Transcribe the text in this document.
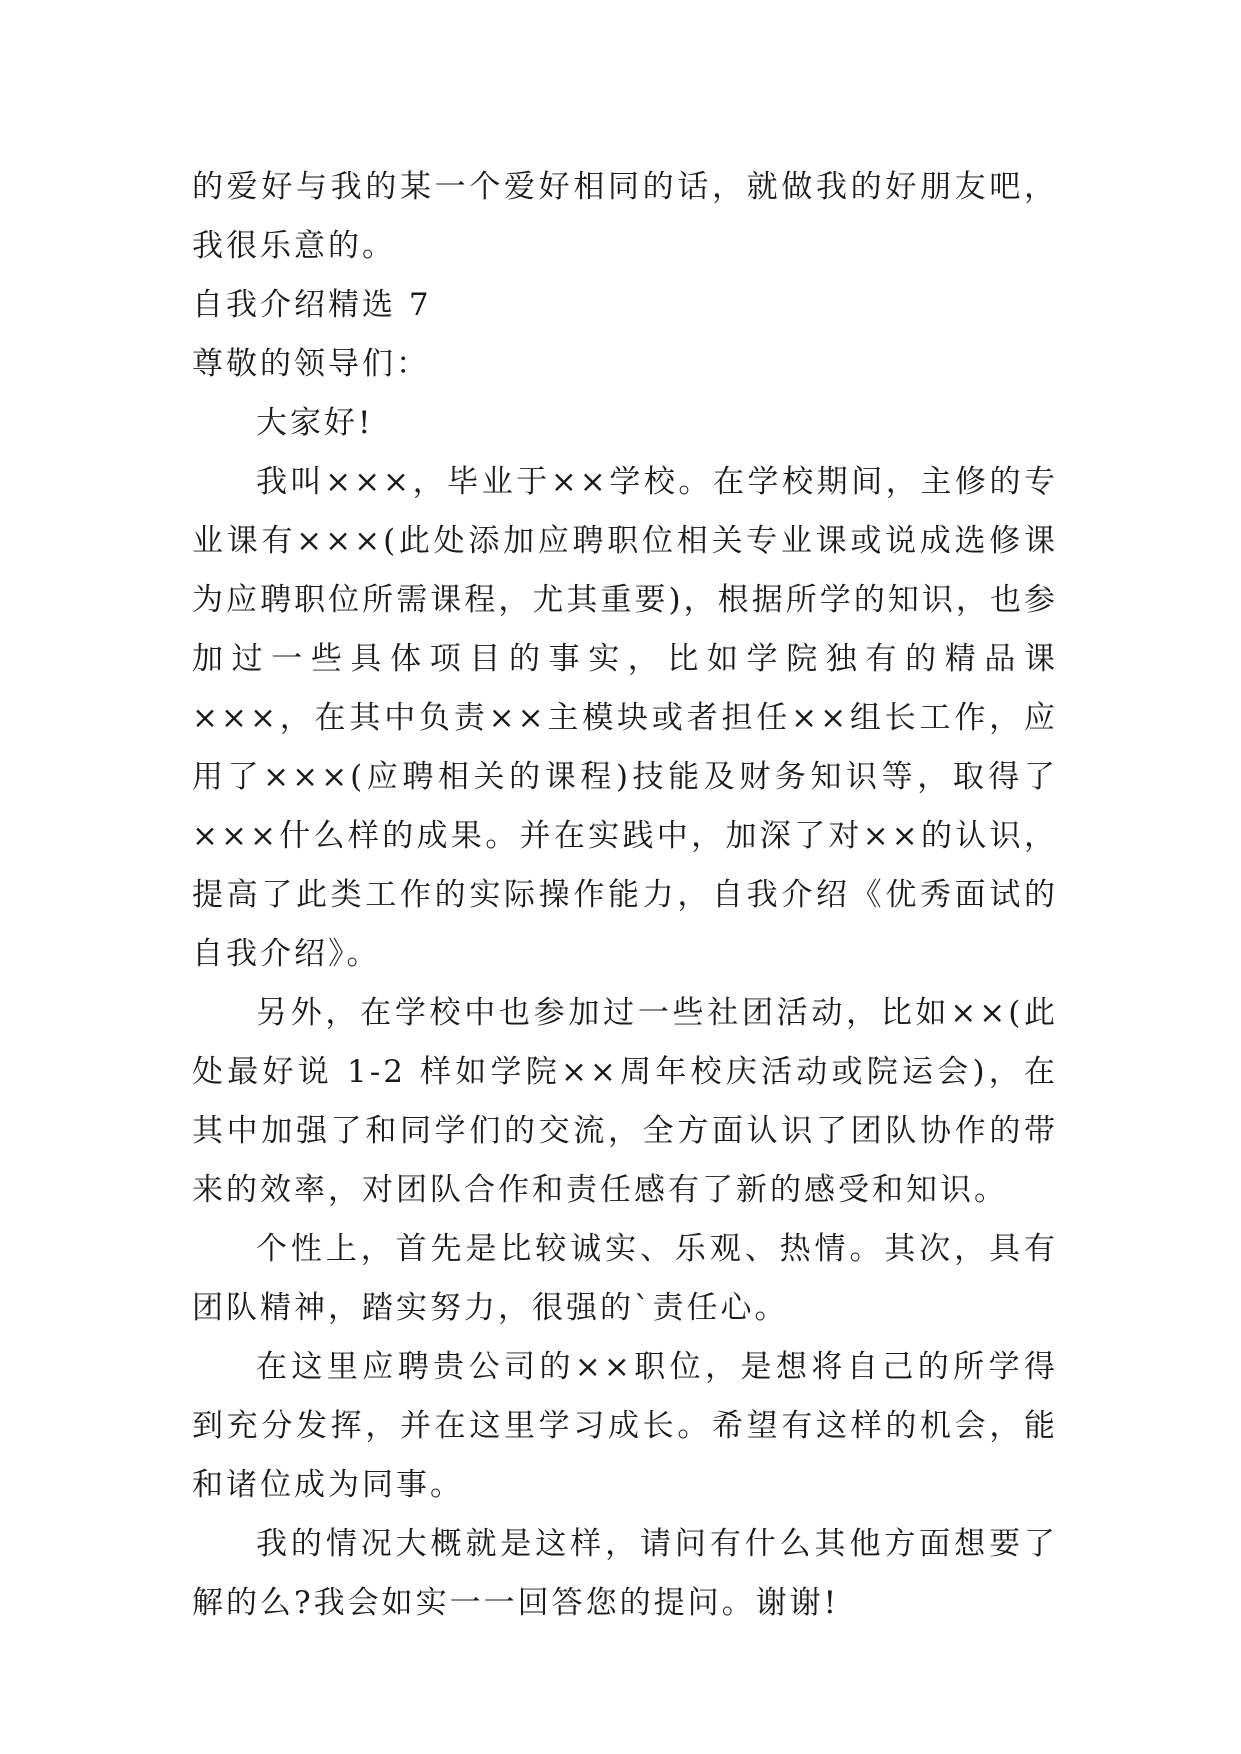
的爱好与我的某一个爱好相同的话，就做我的好朋友吧，我很乐意的。

自我介绍精选 7

尊敬的领导们：

大家好!

我叫×××，毕业于××学校。在学校期间，主修的专业课有×××(此处添加应聘职位相关专业课或说成选修课为应聘职位所需课程，尤其重要)，根据所学的知识，也参加过一些具体项目的事实，比如学院独有的精品课×××，在其中负责××主模块或者担任××组长工作，应用了×××(应聘相关的课程)技能及财务知识等，取得了×××什么样的成果。并在实践中，加深了对××的认识，提高了此类工作的实际操作能力，自我介绍《优秀面试的自我介绍》。

另外，在学校中也参加过一些社团活动，比如××(此处最好说 1-2 样如学院××周年校庆活动或院运会)，在其中加强了和同学们的交流，全方面认识了团队协作的带来的效率，对团队合作和责任感有了新的感受和知识。

个性上，首先是比较诚实、乐观、热情。其次，具有团队精神，踏实努力，很强的`责任心。

在这里应聘贵公司的××职位，是想将自己的所学得到充分发挥，并在这里学习成长。希望有这样的机会，能和诸位成为同事。

我的情况大概就是这样，请问有什么其他方面想要了解的么?我会如实一一回答您的提问。谢谢!
